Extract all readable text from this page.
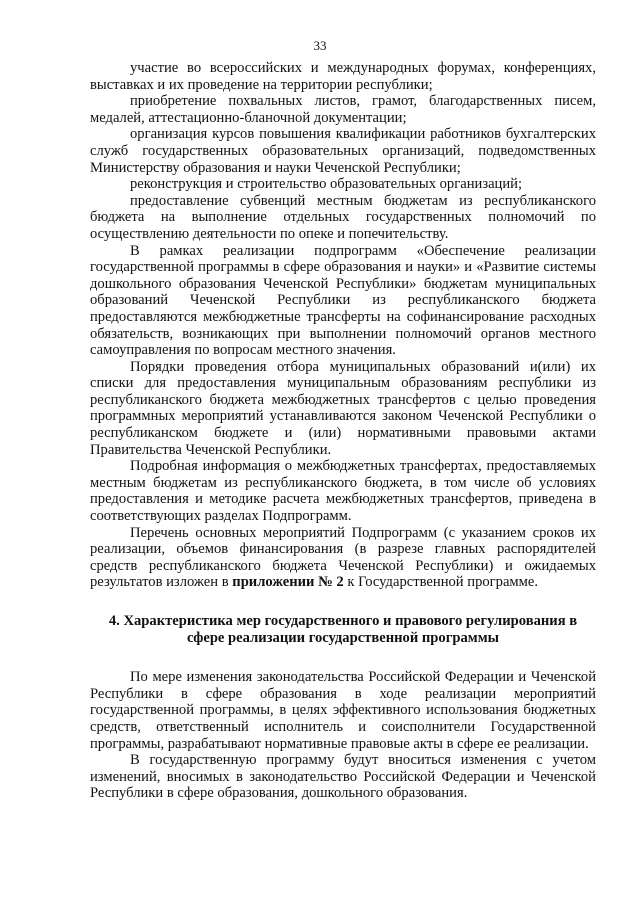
33

участие во всероссийских и международных форумах, конференциях, выставках и их проведение на территории республики;

приобретение похвальных листов, грамот, благодарственных писем, медалей, аттестационно-бланочной документации;

организация курсов повышения квалификации работников бухгалтерских служб государственных образовательных организаций, подведомственных Министерству образования и науки Чеченской Республики;

реконструкция и строительство образовательных организаций;

предоставление субвенций местным бюджетам из республиканского бюджета на выполнение отдельных государственных полномочий по осуществлению деятельности по опеке и попечительству.

В рамках реализации подпрограмм «Обеспечение реализации государственной программы в сфере образования и науки» и «Развитие системы дошкольного образования Чеченской Республики» бюджетам муниципальных образований Чеченской Республики из республиканского бюджета предоставляются межбюджетные трансферты на софинансирование расходных обязательств, возникающих при выполнении полномочий органов местного самоуправления по вопросам местного значения.

Порядки проведения отбора муниципальных образований и(или) их списки для предоставления муниципальным образованиям республики из республиканского бюджета межбюджетных трансфертов с целью проведения программных мероприятий устанавливаются законом Чеченской Республики о республиканском бюджете и (или) нормативными правовыми актами Правительства Чеченской Республики.

Подробная информация о межбюджетных трансфертах, предоставляемых местным бюджетам из республиканского бюджета, в том числе об условиях предоставления и методике расчета межбюджетных трансфертов, приведена в соответствующих разделах Подпрограмм.

Перечень основных мероприятий Подпрограмм (с указанием сроков их реализации, объемов финансирования (в разрезе главных распорядителей средств республиканского бюджета Чеченской Республики) и ожидаемых результатов изложен в приложении № 2 к Государственной программе.

4. Характеристика мер государственного и правового регулирования в сфере реализации государственной программы

По мере изменения законодательства Российской Федерации и Чеченской Республики в сфере образования в ходе реализации мероприятий государственной программы, в целях эффективного использования бюджетных средств, ответственный исполнитель и соисполнители Государственной программы, разрабатывают нормативные правовые акты в сфере ее реализации.

В государственную программу будут вноситься изменения с учетом изменений, вносимых в законодательство Российской Федерации и Чеченской Республики в сфере образования, дошкольного образования.
